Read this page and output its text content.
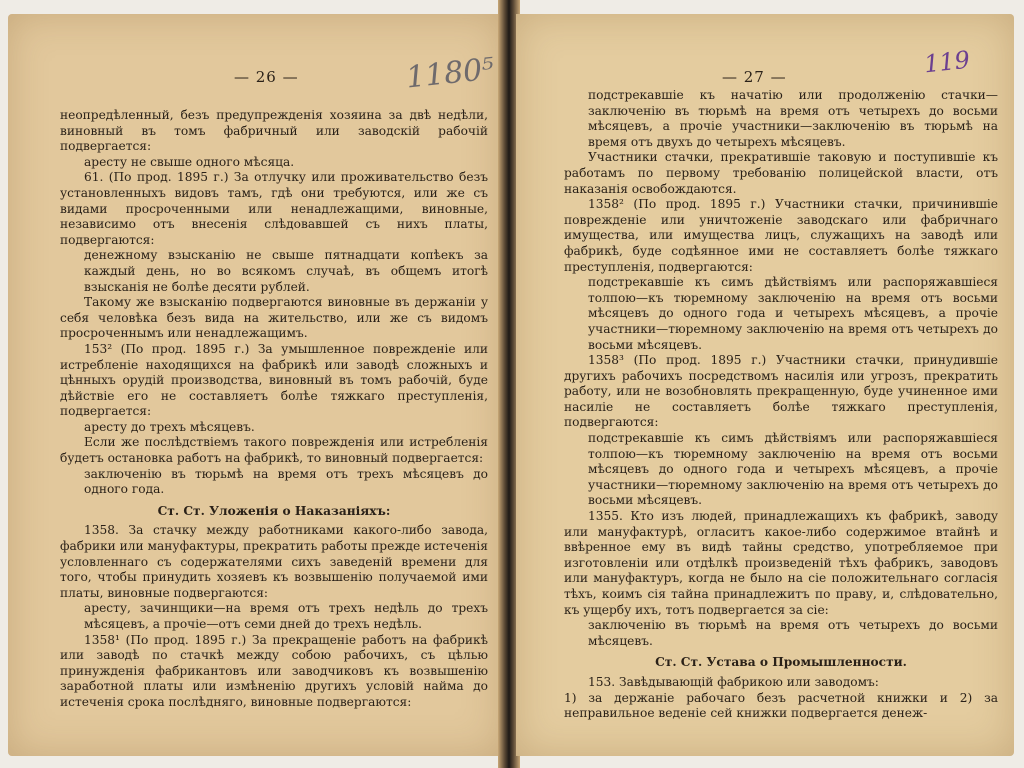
— 26 —	1180⁵

неопредѣленный, безъ предупрежденія хозяина за двѣ недѣли, виновный въ томъ фабричный или заводскій рабочій подвергается:

аресту не свыше одного мѣсяца.

61. (По прод. 1895 г.) За отлучку или проживательство безъ установленныхъ видовъ тамъ, гдѣ они требуются, или же съ видами просроченными или ненадлежащими, виновные, независимо отъ внесенія слѣдовавшей съ нихъ платы, подвергаются:

денежному взысканію не свыше пятнадцати копѣекъ за каждый день, но во всякомъ случаѣ, въ общемъ итогѣ взысканія не болѣе десяти рублей.

Такому же взысканію подвергаются виновные въ держаніи у себя человѣка безъ вида на жительство, или же съ видомъ просроченнымъ или ненадлежащимъ.

153² (По прод. 1895 г.) За умышленное поврежденіе или истребленіе находящихся на фабрикѣ или заводѣ сложныхъ и цѣнныхъ орудій производства, виновный въ томъ рабочій, буде дѣйствіе его не составляетъ болѣе тяжкаго преступленія, подвергается:

аресту до трехъ мѣсяцевъ.

Если же послѣдствіемъ такого поврежденія или истребленія будетъ остановка работъ на фабрикѣ, то виновный подвергается:

заключенію въ тюрьмѣ на время отъ трехъ мѣсяцевъ до одного года.

Ст. Ст. Уложенія о Наказаніяхъ:

1358. За стачку между работниками какого-либо завода, фабрики или мануфактуры, прекратить работы прежде истеченія условленнаго съ содержателями сихъ заведеній времени для того, чтобы принудить хозяевъ къ возвышенію получаемой ими платы, виновные подвергаются:

аресту, зачинщики—на время отъ трехъ недѣль до трехъ мѣсяцевъ, а прочіе—отъ семи дней до трехъ недѣль.

1358¹ (По прод. 1895 г.) За прекращеніе работъ на фабрикѣ или заводѣ по стачкѣ между собою рабочихъ, съ цѣлью принужденія фабрикантовъ или заводчиковъ къ возвышенію заработной платы или измѣненію другихъ условій найма до истеченія срока послѣдняго, виновные подвергаются:

— 27 —	119

подстрекавшіе къ начатію или продолженію стачки—заключенію въ тюрьмѣ на время отъ четырехъ до восьми мѣсяцевъ, а прочіе участники—заключенію въ тюрьмѣ на время отъ двухъ до четырехъ мѣсяцевъ.

Участники стачки, прекратившіе таковую и поступившіе къ работамъ по первому требованію полицейской власти, отъ наказанія освобождаются.

1358² (По прод. 1895 г.) Участники стачки, причинившіе поврежденіе или уничтоженіе заводскаго или фабричнаго имущества, или имущества лицъ, служащихъ на заводѣ или фабрикѣ, буде содѣянное ими не составляетъ болѣе тяжкаго преступленія, подвергаются:

подстрекавшіе къ симъ дѣйствіямъ или распоряжавшіеся толпою—къ тюремному заключенію на время отъ восьми мѣсяцевъ до одного года и четырехъ мѣсяцевъ, а прочіе участники—тюремному заключенію на время отъ четырехъ до восьми мѣсяцевъ.

1358³ (По прод. 1895 г.) Участники стачки, принудившіе другихъ рабочихъ посредствомъ насилія или угрозъ, прекратить работу, или не возобновлять прекращенную, буде учиненное ими насиліе не составляетъ болѣе тяжкаго преступленія, подвергаются:

подстрекавшіе къ симъ дѣйствіямъ или распоряжавшіеся толпою—къ тюремному заключенію на время отъ восьми мѣсяцевъ до одного года и четырехъ мѣсяцевъ, а прочіе участники—тюремному заключенію на время отъ четырехъ до восьми мѣсяцевъ.

1355. Кто изъ людей, принадлежащихъ къ фабрикѣ, заводу или мануфактурѣ, огласитъ какое-либо содержимое втайнѣ и ввѣренное ему въ видѣ тайны средство, употребляемое при изготовленіи или отдѣлкѣ произведеній тѣхъ фабрикъ, заводовъ или мануфактуръ, когда не было на сіе положительнаго согласія тѣхъ, коимъ сія тайна принадлежитъ по праву, и, слѣдовательно, къ ущербу ихъ, тотъ подвергается за сіе:

заключенію въ тюрьмѣ на время отъ четырехъ до восьми мѣсяцевъ.

Ст. Ст. Устава о Промышленности.

153. Завѣдывающій фабрикою или заводомъ:

1) за держаніе рабочаго безъ расчетной книжки и 2) за неправильное веденіе сей книжки подвергается денеж-
